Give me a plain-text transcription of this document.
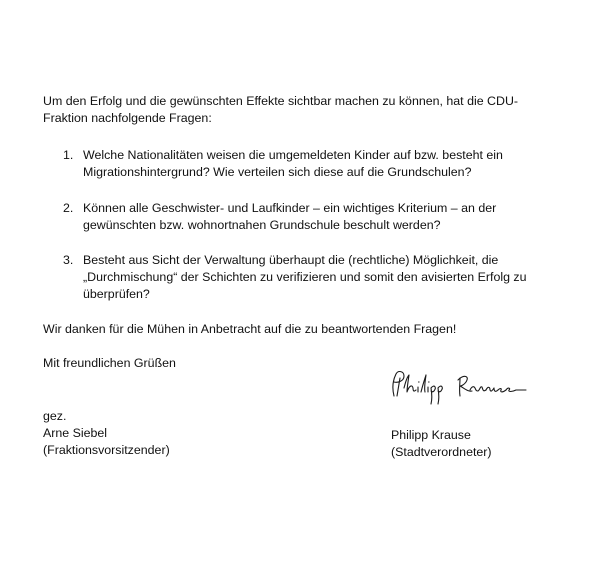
Um den Erfolg und die gewünschten Effekte sichtbar machen zu können, hat die CDU-
Fraktion nachfolgende Fragen:
1. Welche Nationalitäten weisen die umgemeldeten Kinder auf bzw. besteht ein
Migrationshintergrund? Wie verteilen sich diese auf die Grundschulen?
2. Können alle Geschwister- und Laufkinder – ein wichtiges Kriterium – an der
gewünschten bzw. wohnortnahen Grundschule beschult werden?
3. Besteht aus Sicht der Verwaltung überhaupt die (rechtliche) Möglichkeit, die
„Durchmischung“ der Schichten zu verifizieren und somit den avisierten Erfolg zu
überprüfen?
Wir danken für die Mühen in Anbetracht auf die zu beantwortenden Fragen!
Mit freundlichen Grüßen
gez.
Arne Siebel
(Fraktionsvorsitzender)
Philipp Krause
(Stadtverordneter)
